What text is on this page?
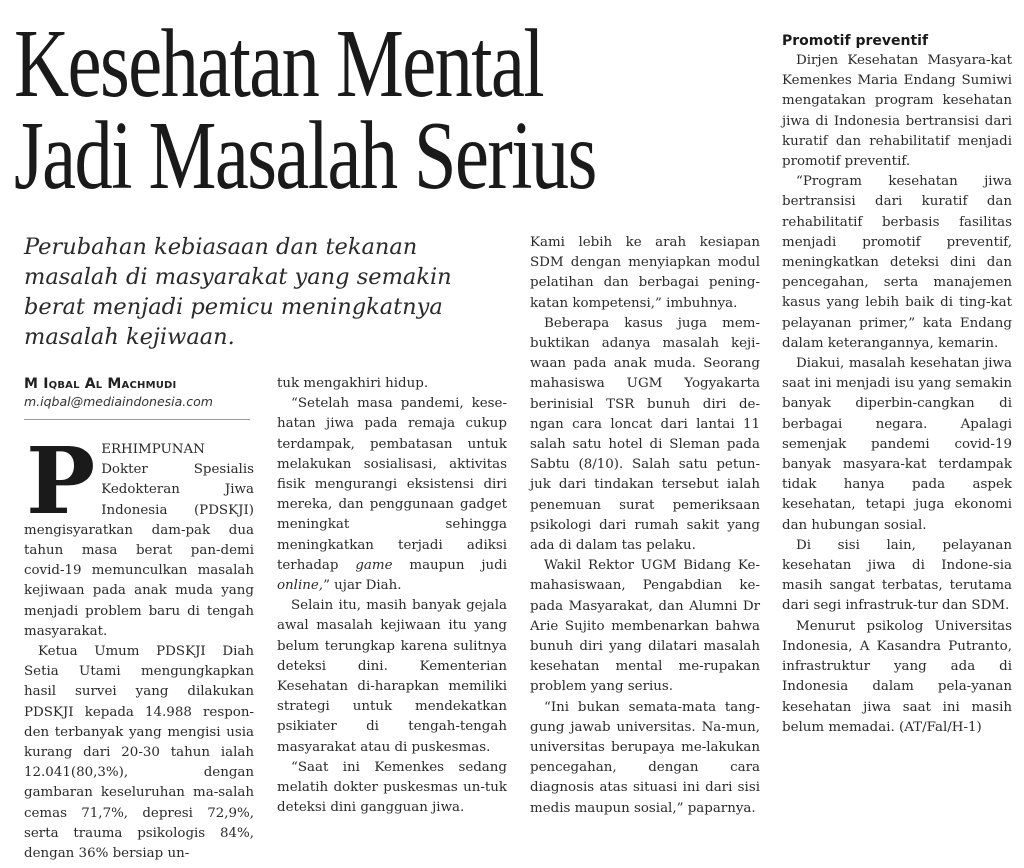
Kesehatan Mental
Jadi Masalah Serius

Perubahan kebiasaan dan tekanan masalah di masyarakat yang semakin berat menjadi pemicu meningkatnya masalah kejiwaan.

M Iqbal Al Machmudi
m.iqbal@mediaindonesia.com

PERHIMPUNAN Dokter Spesialis Kedokteran Jiwa Indonesia (PDSKJI) mengisyaratkan dam-pak dua tahun masa berat pan-demi covid-19 memunculkan masalah kejiwaan pada anak muda yang menjadi problem baru di tengah masyarakat.

Ketua Umum PDSKJI Diah Setia Utami mengungkapkan hasil survei yang dilakukan PDSKJI kepada 14.988 respon-den terbanyak yang mengisi usia kurang dari 20-30 tahun ialah 12.041(80,3%), dengan gambaran keseluruhan ma-salah cemas 71,7%, depresi 72,9%, serta trauma psikologis 84%, dengan 36% bersiap un-

tuk mengakhiri hidup.

“Setelah masa pandemi, kese-hatan jiwa pada remaja cukup terdampak, pembatasan untuk melakukan sosialisasi, aktivitas fisik mengurangi eksistensi diri mereka, dan penggunaan gadget meningkat sehingga meningkatkan terjadi adiksi terhadap game maupun judi online,” ujar Diah.

Selain itu, masih banyak gejala awal masalah kejiwaan itu yang belum terungkap karena sulitnya deteksi dini. Kementerian Kesehatan di-harapkan memiliki strategi untuk mendekatkan psikiater di tengah-tengah masyarakat atau di puskesmas.

“Saat ini Kemenkes sedang melatih dokter puskesmas un-tuk deteksi dini gangguan jiwa.

Kami lebih ke arah kesiapan SDM dengan menyiapkan modul pelatihan dan berbagai pening-katan kompetensi,” imbuhnya.

Beberapa kasus juga mem-buktikan adanya masalah keji-waan pada anak muda. Seorang mahasiswa UGM Yogyakarta berinisial TSR bunuh diri de-ngan cara loncat dari lantai 11 salah satu hotel di Sleman pada Sabtu (8/10). Salah satu petun-juk dari tindakan tersebut ialah penemuan surat pemeriksaan psikologi dari rumah sakit yang ada di dalam tas pelaku.

Wakil Rektor UGM Bidang Ke-mahasiswaan, Pengabdian ke-pada Masyarakat, dan Alumni Dr Arie Sujito membenarkan bahwa bunuh diri yang dilatari masalah kesehatan mental me-rupakan problem yang serius.

“Ini bukan semata-mata tang-gung jawab universitas. Na-mun, universitas berupaya me-lakukan pencegahan, dengan cara diagnosis atas situasi ini dari sisi medis maupun sosial,” paparnya.

Promotif preventif

Dirjen Kesehatan Masyara-kat Kemenkes Maria Endang Sumiwi mengatakan program kesehatan jiwa di Indonesia bertransisi dari kuratif dan rehabilitatif menjadi promotif preventif.

“Program kesehatan jiwa bertransisi dari kuratif dan rehabilitatif berbasis fasilitas menjadi promotif preventif, meningkatkan deteksi dini dan pencegahan, serta manajemen kasus yang lebih baik di ting-kat pelayanan primer,” kata Endang dalam keterangannya, kemarin.

Diakui, masalah kesehatan jiwa saat ini menjadi isu yang semakin banyak diperbin-cangkan di berbagai negara. Apalagi semenjak pandemi covid-19 banyak masyara-kat terdampak tidak hanya pada aspek kesehatan, tetapi juga ekonomi dan hubungan sosial.

Di sisi lain, pelayanan kesehatan jiwa di Indone-sia masih sangat terbatas, terutama dari segi infrastruk-tur dan SDM.

Menurut psikolog Universitas Indonesia, A Kasandra Putranto, infrastruktur yang ada di Indonesia dalam pela-yanan kesehatan jiwa saat ini masih belum memadai. (AT/Fal/H-1)
